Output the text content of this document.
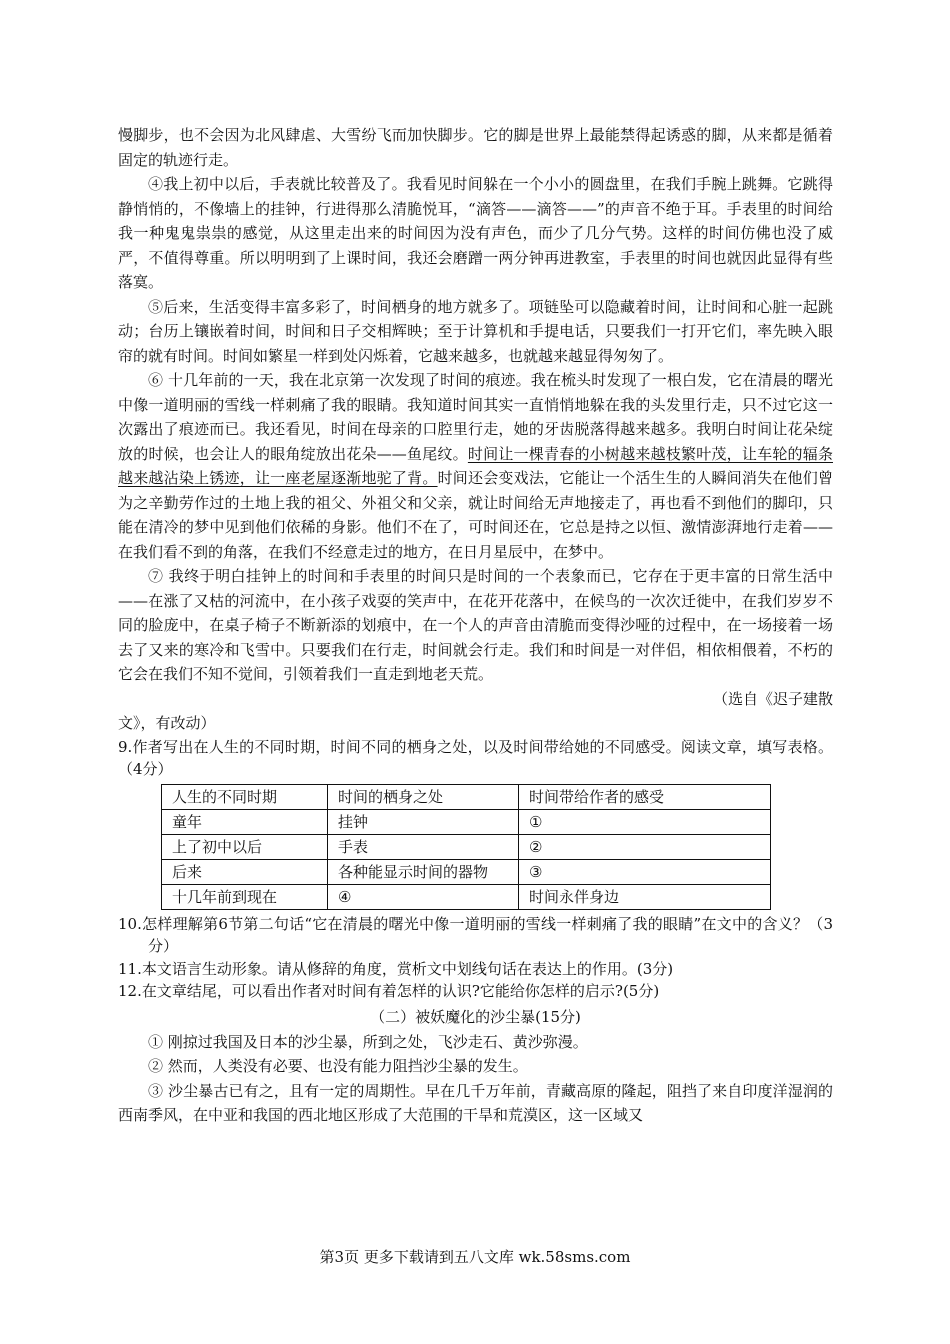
慢脚步，也不会因为北风肆虐、大雪纷飞而加快脚步。它的脚是世界上最能禁得起诱惑的脚，从来都是循着固定的轨迹行走。

④我上初中以后，手表就比较普及了。我看见时间躲在一个小小的圆盘里，在我们手腕上跳舞。它跳得静悄悄的，不像墙上的挂钟，行进得那么清脆悦耳，“滴答——滴答——”的声音不绝于耳。手表里的时间给我一种鬼鬼祟祟的感觉，从这里走出来的时间因为没有声色，而少了几分气势。这样的时间仿佛也没了威严，不值得尊重。所以明明到了上课时间，我还会磨蹭一两分钟再进教室，手表里的时间也就因此显得有些落寞。

⑤后来，生活变得丰富多彩了，时间栖身的地方就多了。项链坠可以隐藏着时间，让时间和心脏一起跳动；台历上镶嵌着时间，时间和日子交相辉映；至于计算机和手提电话，只要我们一打开它们，率先映入眼帘的就有时间。时间如繁星一样到处闪烁着，它越来越多，也就越来越显得匆匆了。

⑥ 十几年前的一天，我在北京第一次发现了时间的痕迹。我在梳头时发现了一根白发，它在清晨的曙光中像一道明丽的雪线一样刺痛了我的眼睛。我知道时间其实一直悄悄地躲在我的头发里行走，只不过它这一次露出了痕迹而已。我还看见，时间在母亲的口腔里行走，她的牙齿脱落得越来越多。我明白时间让花朵绽放的时候，也会让人的眼角绽放出花朵——鱼尾纹。时间让一棵青春的小树越来越枝繁叶茂，让车轮的辐条越来越沾染上锈迹，让一座老屋逐渐地驼了背。时间还会变戏法，它能让一个活生生的人瞬间消失在他们曾为之辛勤劳作过的土地上我的祖父、外祖父和父亲，就让时间给无声地接走了，再也看不到他们的脚印，只能在清冷的梦中见到他们依稀的身影。他们不在了，可时间还在，它总是持之以恒、激情澎湃地行走着——在我们看不到的角落，在我们不经意走过的地方，在日月星辰中，在梦中。

⑦ 我终于明白挂钟上的时间和手表里的时间只是时间的一个表象而已，它存在于更丰富的日常生活中——在涨了又枯的河流中，在小孩子戏耍的笑声中，在花开花落中，在候鸟的一次次迁徙中，在我们岁岁不同的脸庞中，在桌子椅子不断新添的划痕中，在一个人的声音由清脆而变得沙哑的过程中，在一场接着一场去了又来的寒冷和飞雪中。只要我们在行走，时间就会行走。我们和时间是一对伴侣，相依相偎着，不朽的它会在我们不知不觉间，引领着我们一直走到地老天荒。

（选自《迟子建散

文》，有改动）

9.作者写出在人生的不同时期，时间不同的栖身之处，以及时间带给她的不同感受。阅读文章，填写表格。（4分）

人生的不同时期	时间的栖身之处	时间带给作者的感受
童年	挂钟	①
上了初中以后	手表	②
后来	各种能显示时间的器物	③
十几年前到现在	④	时间永伴身边

10.怎样理解第6节第二句话“它在清晨的曙光中像一道明丽的雪线一样刺痛了我的眼睛”在文中的含义？（3分）

11.本文语言生动形象。请从修辞的角度，赏析文中划线句话在表达上的作用。(3分)

12.在文章结尾，可以看出作者对时间有着怎样的认识?它能给你怎样的启示?(5分)

（二）被妖魔化的沙尘暴(15分)

① 刚掠过我国及日本的沙尘暴，所到之处，飞沙走石、黄沙弥漫。

② 然而，人类没有必要、也没有能力阻挡沙尘暴的发生。

③ 沙尘暴古已有之，且有一定的周期性。早在几千万年前，青藏高原的隆起，阻挡了来自印度洋湿润的西南季风，在中亚和我国的西北地区形成了大范围的干旱和荒漠区，这一区域又

第3页 更多下载请到五八文库 wk.58sms.com
